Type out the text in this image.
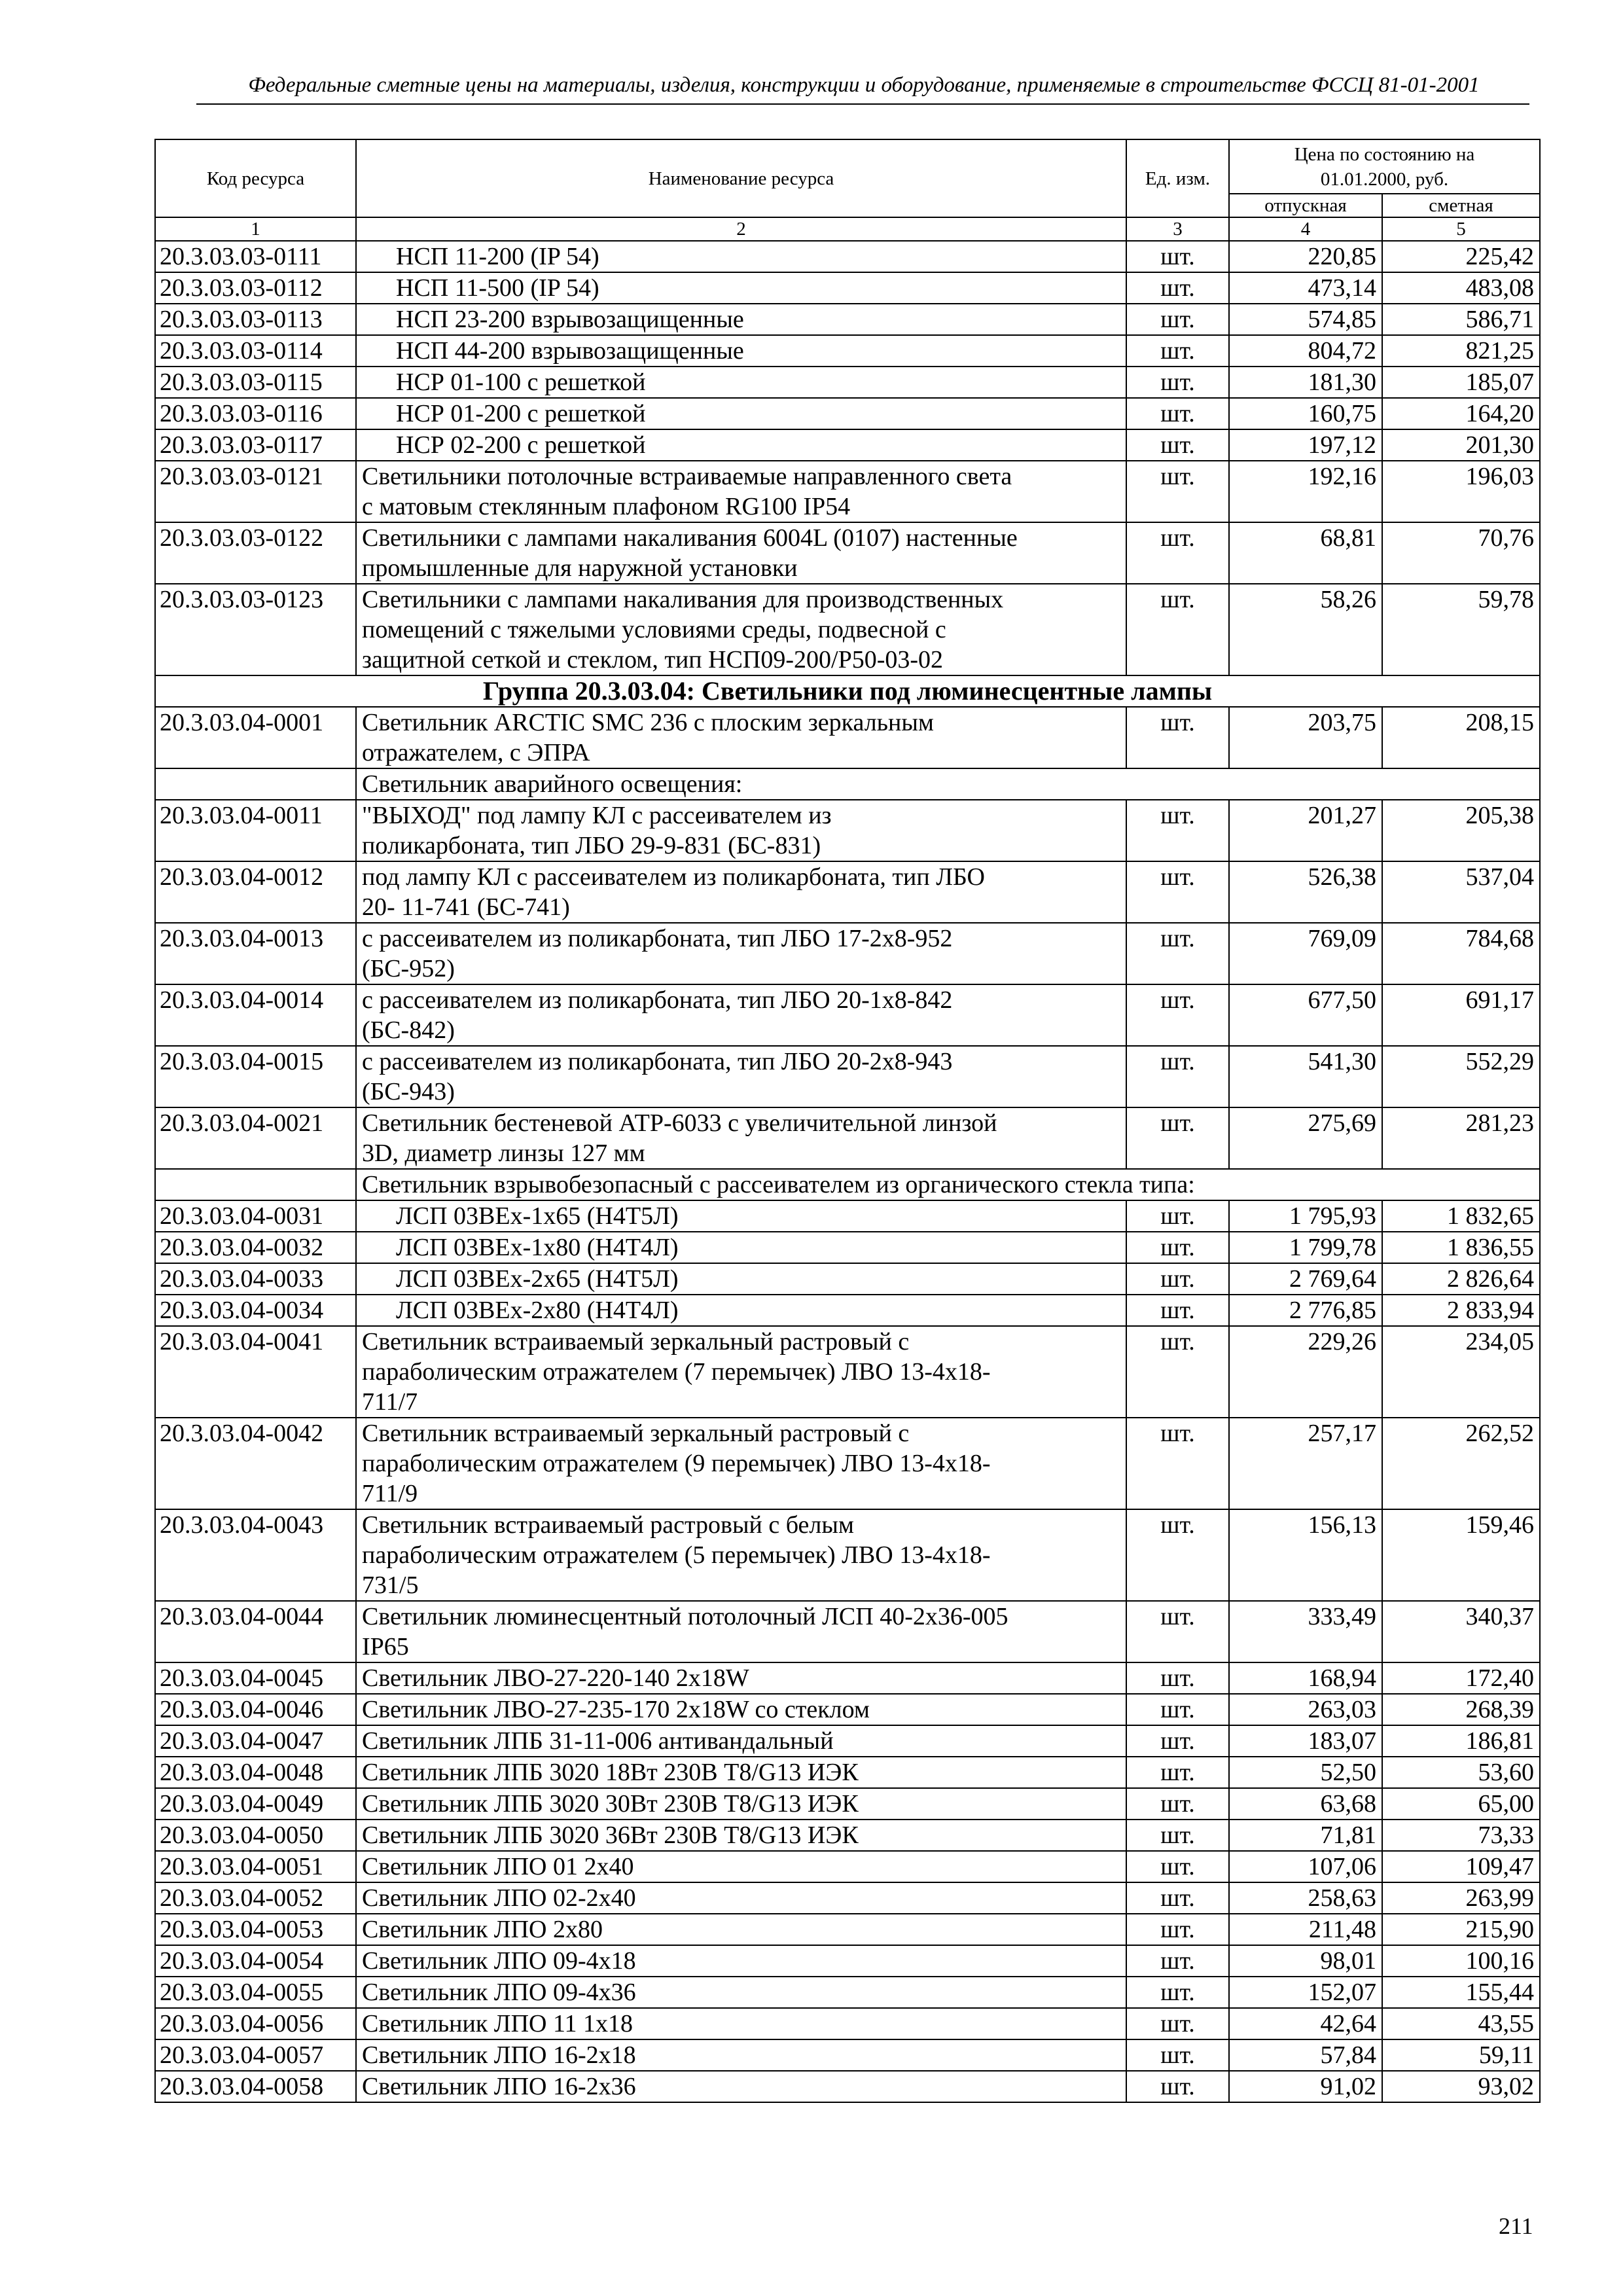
Федеральные сметные цены на материалы, изделия, конструкции и оборудование, применяемые в строительстве ФССЦ 81-01-2001
Код ресурса	Наименование ресурса	Ед. изм.	Цена по состоянию на 01.01.2000, руб.	
			отпускная	сметная
1	2	3	4	5
20.3.03.03-0111	НСП 11-200 (IP 54)	шт.	220,85	225,42
20.3.03.03-0112	НСП 11-500 (IP 54)	шт.	473,14	483,08
20.3.03.03-0113	НСП 23-200 взрывозащищенные	шт.	574,85	586,71
20.3.03.03-0114	НСП 44-200 взрывозащищенные	шт.	804,72	821,25
20.3.03.03-0115	НСР 01-100 с решеткой	шт.	181,30	185,07
20.3.03.03-0116	НСР 01-200 с решеткой	шт.	160,75	164,20
20.3.03.03-0117	НСР 02-200 с решеткой	шт.	197,12	201,30
20.3.03.03-0121	Светильники потолочные встраиваемые направленного света
с матовым стеклянным плафоном RG100 IP54	шт.	192,16	196,03
20.3.03.03-0122	Светильники с лампами накаливания 6004L (0107) настенные
промышленные для наружной установки	шт.	68,81	70,76
20.3.03.03-0123	Светильники с лампами накаливания для производственных
помещений с тяжелыми условиями среды, подвесной с
защитной сеткой и стеклом, тип НСП09-200/Р50-03-02	шт.	58,26	59,78
Группа 20.3.03.04: Светильники под люминесцентные лампы				
20.3.03.04-0001	Светильник ARCTIC SMC 236 с плоским зеркальным
отражателем, с ЭПРА	шт.	203,75	208,15
	Светильник аварийного освещения:			
20.3.03.04-0011	"ВЫХОД" под лампу КЛ с рассеивателем из
поликарбоната, тип ЛБО 29-9-831 (БС-831)	шт.	201,27	205,38
20.3.03.04-0012	под лампу КЛ с рассеивателем из поликарбоната, тип ЛБО
20- 11-741 (БС-741)	шт.	526,38	537,04
20.3.03.04-0013	с рассеивателем из поликарбоната, тип ЛБО 17-2х8-952
(БС-952)	шт.	769,09	784,68
20.3.03.04-0014	с рассеивателем из поликарбоната, тип ЛБО 20-1х8-842
(БС-842)	шт.	677,50	691,17
20.3.03.04-0015	с рассеивателем из поликарбоната, тип ЛБО 20-2х8-943
(БС-943)	шт.	541,30	552,29
20.3.03.04-0021	Светильник бестеневой АТР-6033 с увеличительной линзой
3D, диаметр линзы 127 мм	шт.	275,69	281,23
	Светильник взрывобезопасный с рассеивателем из органического стекла типа:			
20.3.03.04-0031	ЛСП 03ВЕх-1х65 (Н4Т5Л)	шт.	1 795,93	1 832,65
20.3.03.04-0032	ЛСП 03ВЕх-1х80 (Н4Т4Л)	шт.	1 799,78	1 836,55
20.3.03.04-0033	ЛСП 03ВЕх-2х65 (Н4Т5Л)	шт.	2 769,64	2 826,64
20.3.03.04-0034	ЛСП 03ВЕх-2х80 (Н4Т4Л)	шт.	2 776,85	2 833,94
20.3.03.04-0041	Светильник встраиваемый зеркальный растровый с
параболическим отражателем (7 перемычек) ЛВО 13-4х18-
711/7	шт.	229,26	234,05
20.3.03.04-0042	Светильник встраиваемый зеркальный растровый с
параболическим отражателем (9 перемычек) ЛВО 13-4х18-
711/9	шт.	257,17	262,52
20.3.03.04-0043	Светильник встраиваемый растровый с белым
параболическим отражателем (5 перемычек) ЛВО 13-4х18-
731/5	шт.	156,13	159,46
20.3.03.04-0044	Светильник люминесцентный потолочный ЛСП 40-2х36-005
IP65	шт.	333,49	340,37
20.3.03.04-0045	Светильник ЛВО-27-220-140 2х18W	шт.	168,94	172,40
20.3.03.04-0046	Светильник ЛВО-27-235-170 2х18W со стеклом	шт.	263,03	268,39
20.3.03.04-0047	Светильник ЛПБ 31-11-006 антивандальный	шт.	183,07	186,81
20.3.03.04-0048	Светильник ЛПБ 3020 18Вт 230В Т8/G13 ИЭК	шт.	52,50	53,60
20.3.03.04-0049	Светильник ЛПБ 3020 30Вт 230В Т8/G13 ИЭК	шт.	63,68	65,00
20.3.03.04-0050	Светильник ЛПБ 3020 36Вт 230В Т8/G13 ИЭК	шт.	71,81	73,33
20.3.03.04-0051	Светильник ЛПО 01 2х40	шт.	107,06	109,47
20.3.03.04-0052	Светильник ЛПО 02-2х40	шт.	258,63	263,99
20.3.03.04-0053	Светильник ЛПО 2х80	шт.	211,48	215,90
20.3.03.04-0054	Светильник ЛПО 09-4х18	шт.	98,01	100,16
20.3.03.04-0055	Светильник ЛПО 09-4х36	шт.	152,07	155,44
20.3.03.04-0056	Светильник ЛПО 11 1х18	шт.	42,64	43,55
20.3.03.04-0057	Светильник ЛПО 16-2х18	шт.	57,84	59,11
20.3.03.04-0058	Светильник ЛПО 16-2х36	шт.	91,02	93,02
211
